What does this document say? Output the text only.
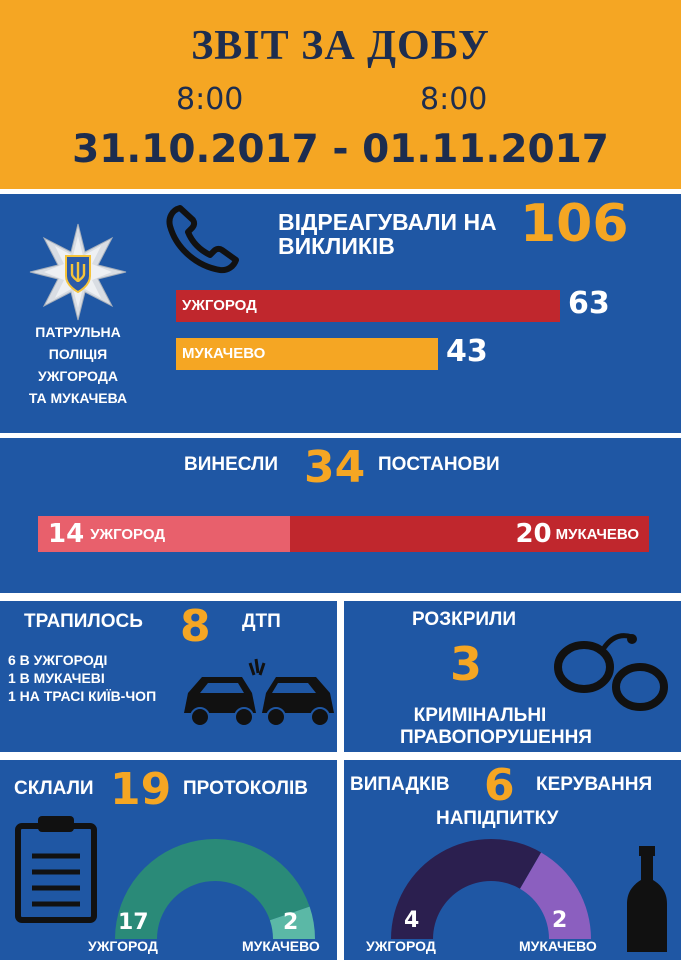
ЗВІТ ЗА ДОБУ
8:00	8:00
31.10.2017 - 01.11.2017
ПАТРУЛЬНА
ПОЛІЦІЯ
УЖГОРОДА
ТА МУКАЧЕВА
ВІДРЕАГУВАЛИ НА
ВИКЛИКІВ	106
УЖГОРОД	63
МУКАЧЕВО	43
ВИНЕСЛИ 34 ПОСТАНОВИ
14 УЖГОРОД	20 МУКАЧЕВО
ТРАПИЛОСЬ 8 ДТП
6 В УЖГОРОДІ
1 В МУКАЧЕВІ
1 НА ТРАСІ КИЇВ-ЧОП
РОЗКРИЛИ
3
КРИМІНАЛЬНІ
ПРАВОПОРУШЕННЯ
СКЛАЛИ 19 ПРОТОКОЛІВ
17	2
УЖГОРОД	МУКАЧЕВО
ВИПАДКІВ 6 КЕРУВАННЯ
НАПІДПИТКУ
4	2
УЖГОРОД	МУКАЧЕВО
